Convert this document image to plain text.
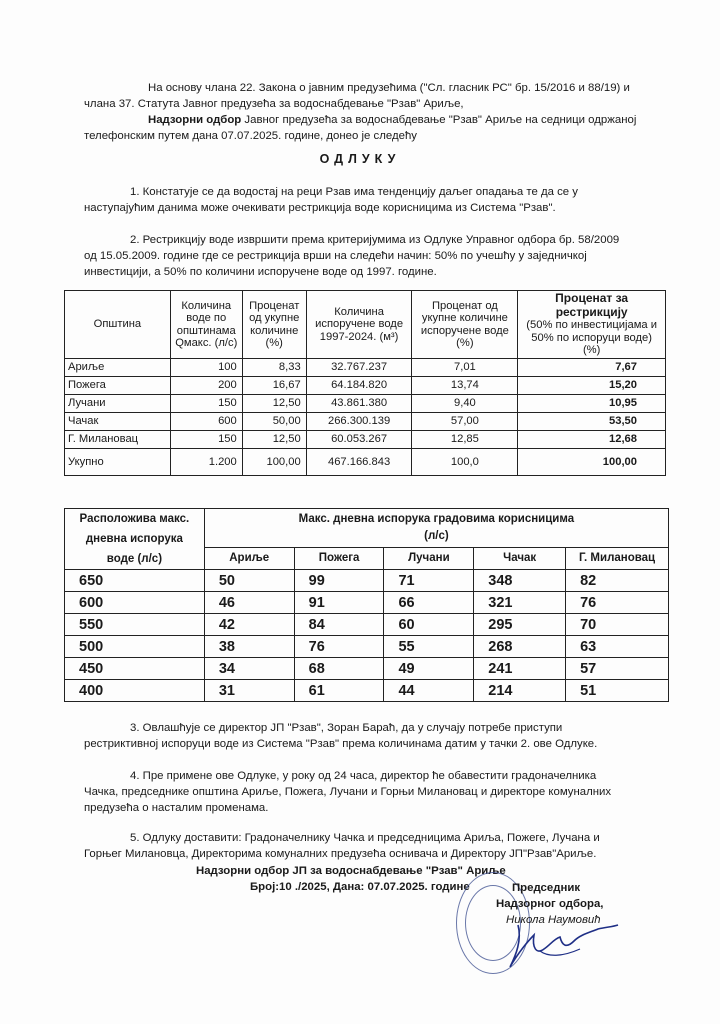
На основу члана 22. Закона о јавним предузећима ("Сл. гласник РС" бр. 15/2016 и 88/19) и
члана 37. Статута Јавног предузећа за водоснабдевање "Рзав" Ариље,
Надзорни одбор Јавног предузећа за водоснабдевање "Рзав" Ариље на седници одржаној
телефонским путем дана 07.07.2025. године, донео је следећу
ОДЛУКУ
1. Констатује се да водостај на реци Рзав има тенденцију даљег опадања те да се у
наступајућим данима може очекивати рестрикција воде корисницима из Система "Рзав".
2. Рестрикцију воде извршити према критеријумима из Одлуке Управног одбора бр. 58/2009
од 15.05.2009. године где се рестрикција врши на следећи начин: 50% по учешћу у заједничкој
инвестицији, а 50% по количини испоручене воде од 1997. године.
Општина	Количина воде по општинама Qмакс. (л/с)	Проценат од укупне количине (%)	Количина испоручене воде 1997-2024. (м³)	Проценат од укупне количине испоручене воде (%)	Проценат за рестрикцију
(50% по инвестицијама и 50% по испоруци воде) (%)
Ариље	100	8,33	32.767.237	7,01	7,67
Пожега	200	16,67	64.184.820	13,74	15,20
Лучани	150	12,50	43.861.380	9,40	10,95
Чачак	600	50,00	266.300.139	57,00	53,50
Г. Милановац	150	12,50	60.053.267	12,85	12,68
Укупно	1.200	100,00	467.166.843	100,0	100,00
Расположива макс. дневна испорука воде (л/с)	Макс. дневна испорука градовима корисницима
(л/с)				
	Ариље	Пожега	Лучани	Чачак	Г. Милановац
650	50	99	71	348	82
600	46	91	66	321	76
550	42	84	60	295	70
500	38	76	55	268	63
450	34	68	49	241	57
400	31	61	44	214	51
3. Овлашћује се директор ЈП "Рзав", Зоран Бараћ, да у случају потребе приступи
рестриктивној испоруци воде из Система "Рзав" према количинама датим у тачки 2. ове Одлуке.
4. Пре примене ове Одлуке, у року од 24 часа, директор ће обавестити градоначелника
Чачка, председнике општина Ариље, Пожега, Лучани и Горњи Милановац и директоре комуналних
предузећа о насталим променама.
5. Одлуку доставити: Градоначелнику Чачка и председницима Ариља, Пожеге, Лучана и
Горњег Милановца, Директорима комуналних предузећа оснивача и Директору ЈП"Рзав"Ариље.
Надзорни одбор ЈП за водоснабдевање "Рзав" Ариље
Број:10 ./2025, Дана: 07.07.2025. године	Председник
Надзорног одбора,
Никола Наумовић
